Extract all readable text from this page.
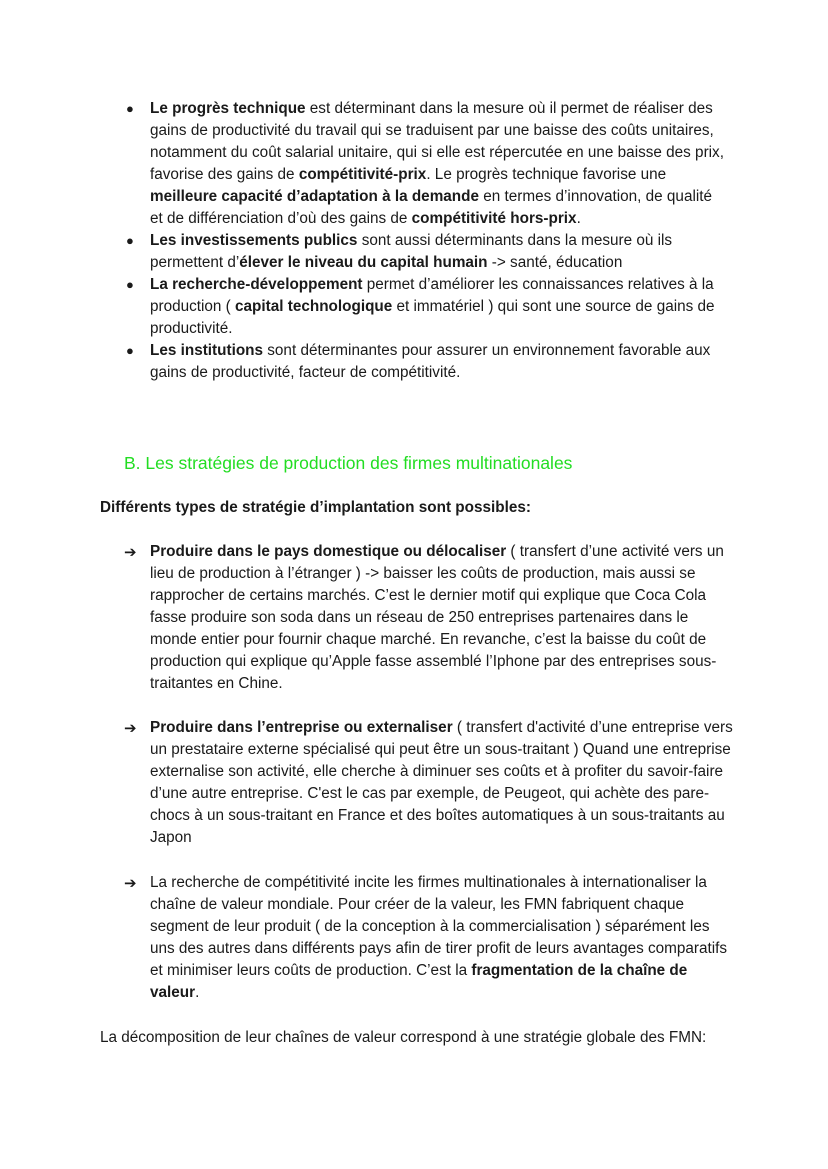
● Le progrès technique est déterminant dans la mesure où il permet de réaliser des gains de productivité du travail qui se traduisent par une baisse des coûts unitaires, notamment du coût salarial unitaire, qui si elle est répercutée en une baisse des prix, favorise des gains de compétitivité-prix. Le progrès technique favorise une meilleure capacité d’adaptation à la demande en termes d’innovation, de qualité et de différenciation d’où des gains de compétitivité hors-prix.
● Les investissements publics sont aussi déterminants dans la mesure où ils permettent d’élever le niveau du capital humain -> santé, éducation
● La recherche-développement permet d’améliorer les connaissances relatives à la production ( capital technologique et immatériel ) qui sont une source de gains de productivité.
● Les institutions sont déterminantes pour assurer un environnement favorable aux gains de productivité, facteur de compétitivité.
B. Les stratégies de production des firmes multinationales
Différents types de stratégie d’implantation sont possibles:
➔ Produire dans le pays domestique ou délocaliser ( transfert d’une activité vers un lieu de production à l’étranger ) -> baisser les coûts de production, mais aussi se rapprocher de certains marchés. C’est le dernier motif qui explique que Coca Cola fasse produire son soda dans un réseau de 250 entreprises partenaires dans le monde entier pour fournir chaque marché. En revanche, c’est la baisse du coût de production qui explique qu’Apple fasse assemblé l’Iphone par des entreprises sous-traitantes en Chine.
➔ Produire dans l’entreprise ou externaliser ( transfert d'activité d’une entreprise vers un prestataire externe spécialisé qui peut être un sous-traitant ) Quand une entreprise externalise son activité, elle cherche à diminuer ses coûts et à profiter du savoir-faire d’une autre entreprise. C'est le cas par exemple, de Peugeot, qui achète des pare-chocs à un sous-traitant en France et des boîtes automatiques à un sous-traitants au Japon
➔ La recherche de compétitivité incite les firmes multinationales à internationaliser la chaîne de valeur mondiale. Pour créer de la valeur, les FMN fabriquent chaque segment de leur produit ( de la conception à la commercialisation ) séparément les uns des autres dans différents pays afin de tirer profit de leurs avantages comparatifs et minimiser leurs coûts de production. C’est la fragmentation de la chaîne de valeur.
La décomposition de leur chaînes de valeur correspond à une stratégie globale des FMN:
